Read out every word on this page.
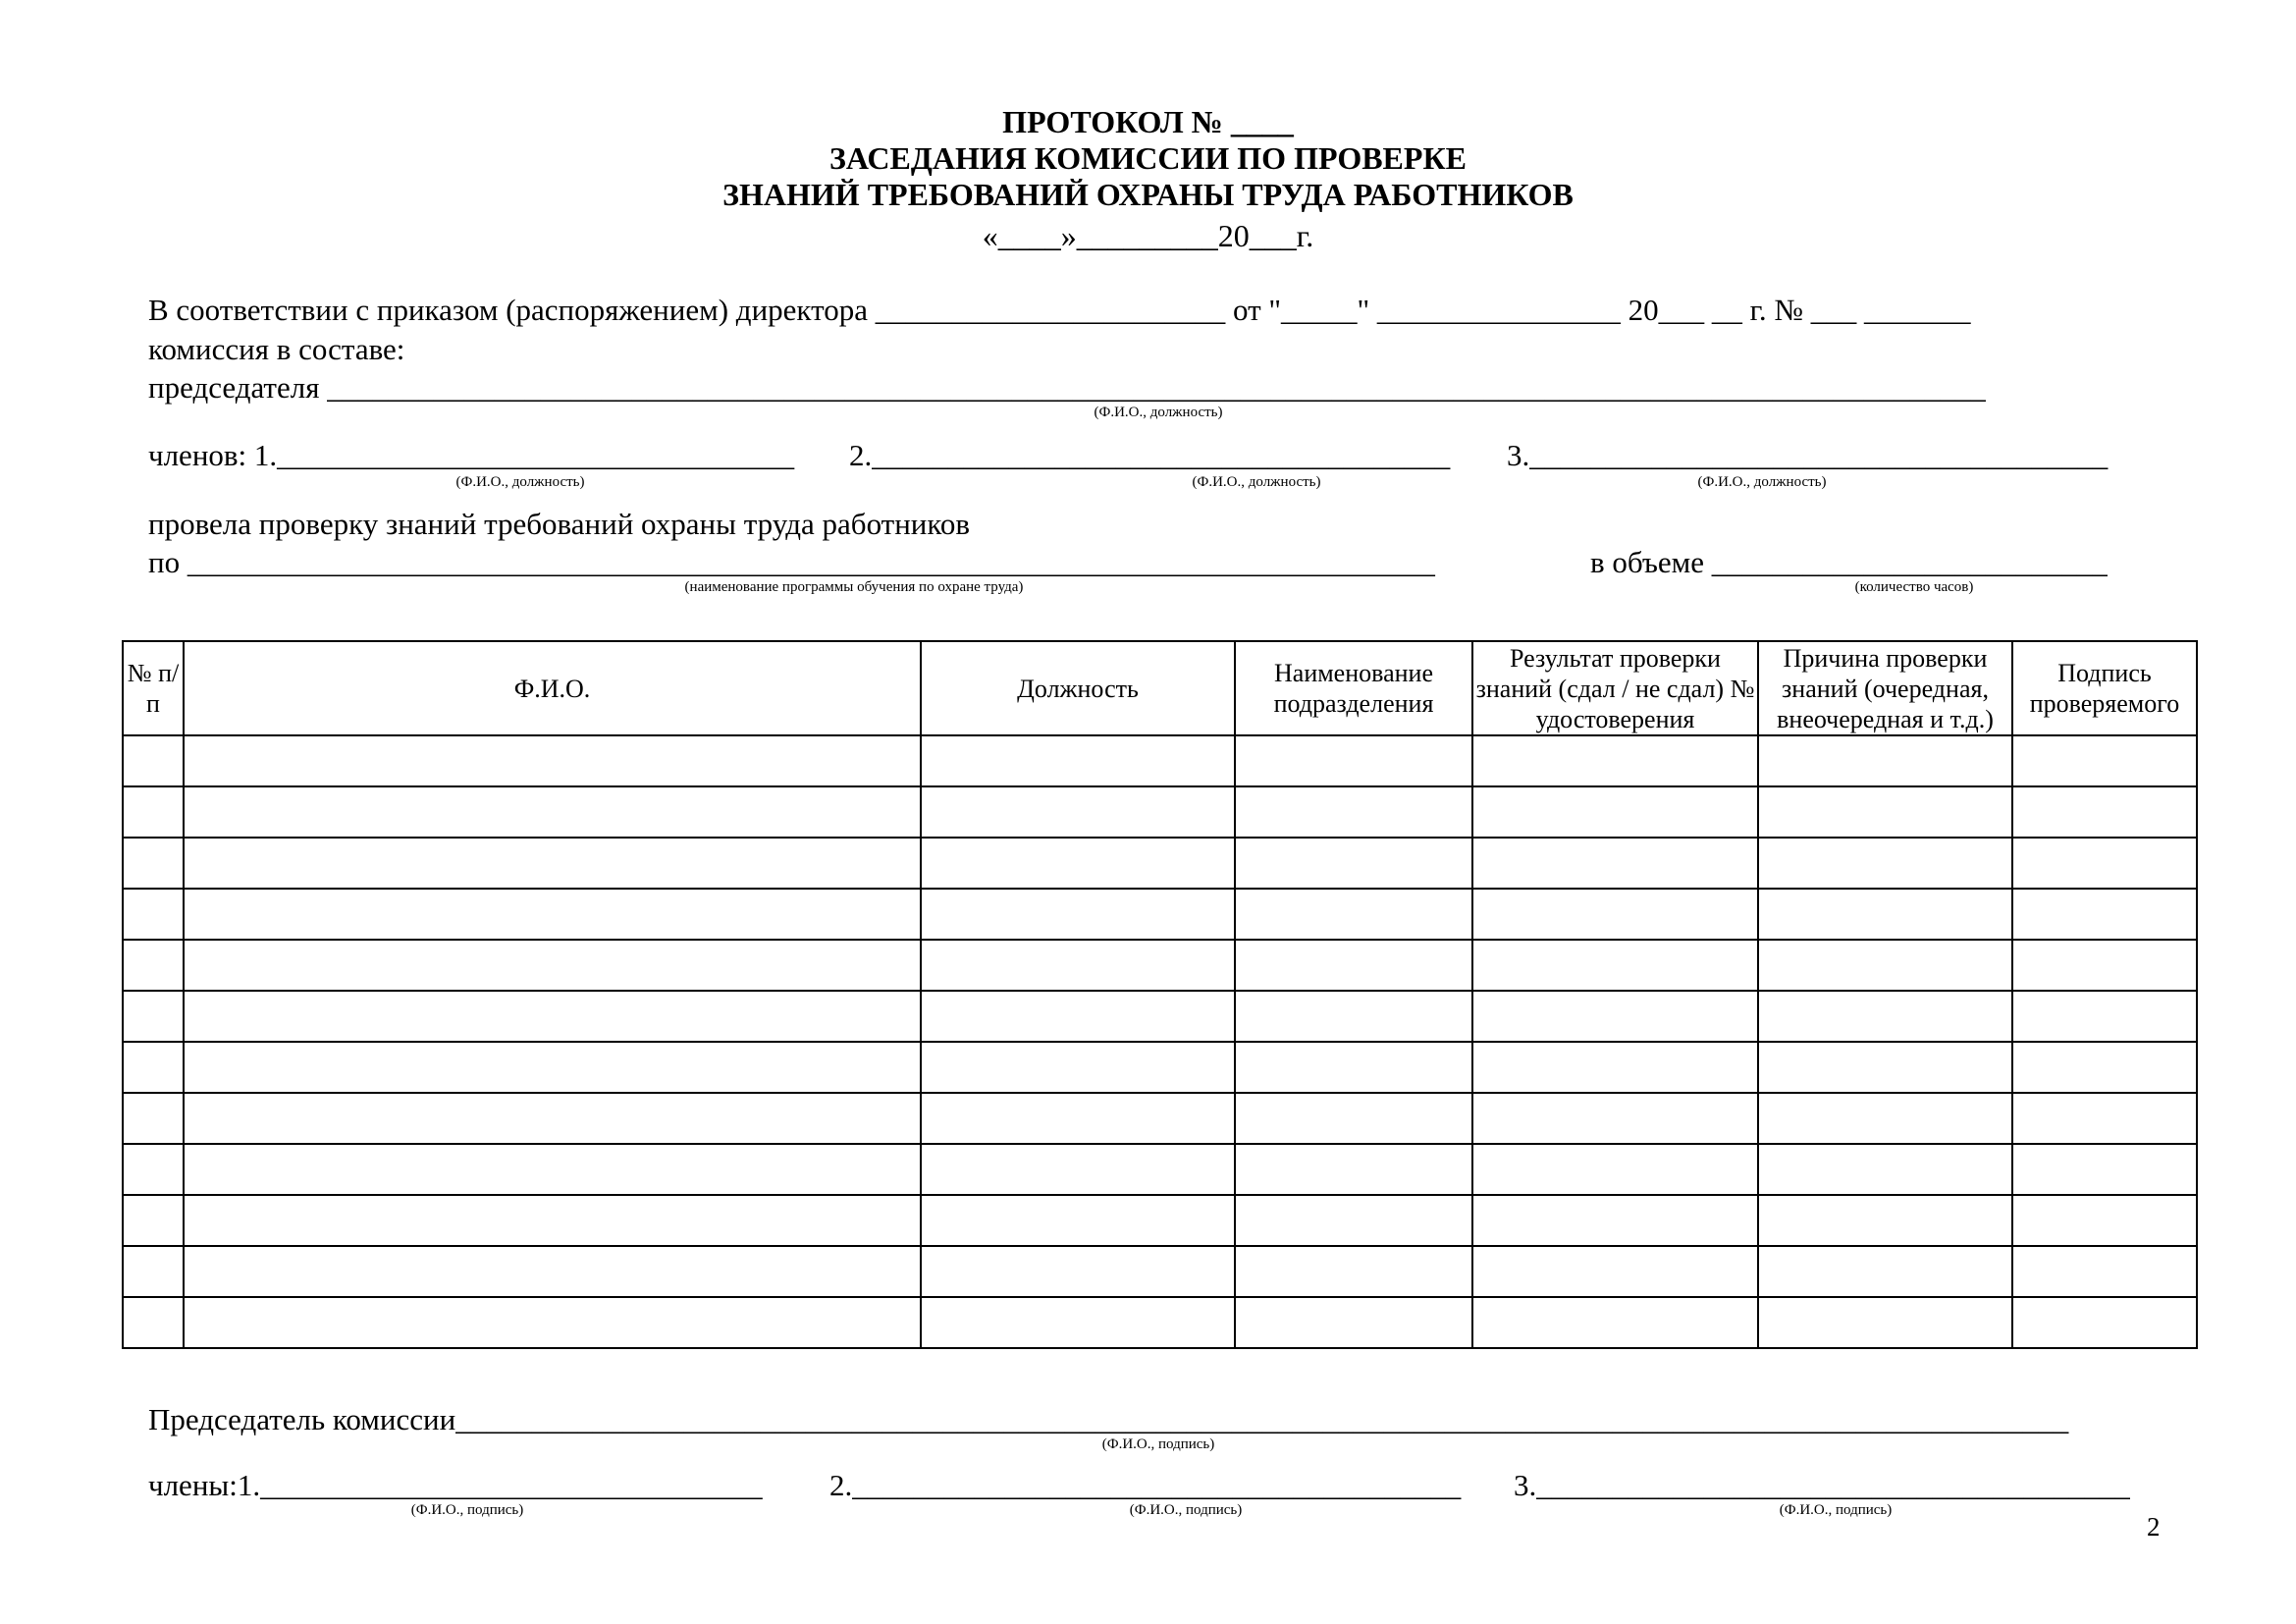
ПРОТОКОЛ № ____
ЗАСЕДАНИЯ КОМИССИИ ПО ПРОВЕРКЕ
ЗНАНИЙ ТРЕБОВАНИЙ ОХРАНЫ ТРУДА РАБОТНИКОВ
«____»_________20___г.
В соответствии с приказом (распоряжением) директора _______________________ от "_____" ________________ 20___ __ г. № ___ _______
комиссия в составе:
председателя _____________________________________________________________________________________________________________
(Ф.И.О., должность)
членов: 1.__________________________________ 2.______________________________________ 3.______________________________________
(Ф.И.О., должность)	(Ф.И.О., должность)	(Ф.И.О., должность)
провела проверку знаний требований охраны труда работников
по __________________________________________________________________________________	в объеме __________________________
(наименование программы обучения по охране труда)	(количество часов)
№ п/п	Ф.И.О.	Должность	Наименование подразделения	Результат проверки знаний (сдал / не сдал) № удостоверения	Причина проверки знаний (очередная, внеочередная и т.д.)	Подпись проверяемого

Председатель комиссии__________________________________________________________________________________________________________
(Ф.И.О., подпись)
члены:1._________________________________ 2.________________________________________ 3._______________________________________
(Ф.И.О., подпись)	(Ф.И.О., подпись)	(Ф.И.О., подпись)
2
